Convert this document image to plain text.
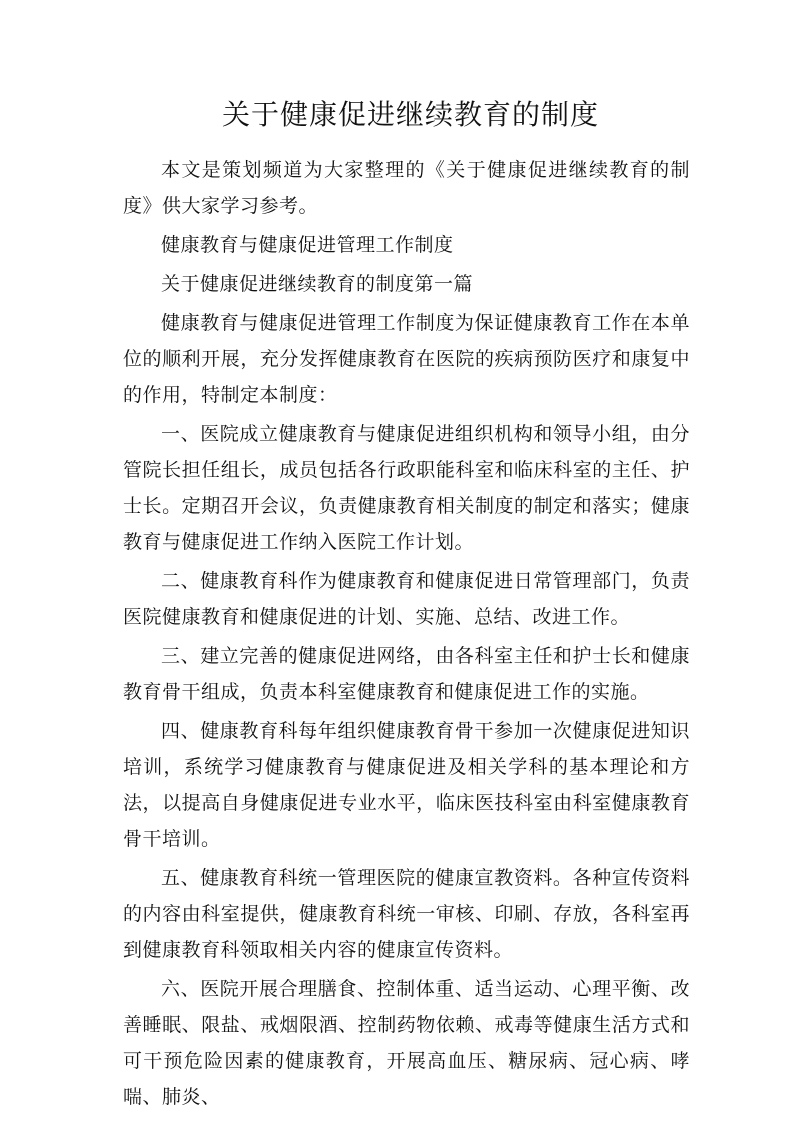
关于健康促进继续教育的制度

本文是策划频道为大家整理的《关于健康促进继续教育的制度》供大家学习参考。

健康教育与健康促进管理工作制度

关于健康促进继续教育的制度第一篇

健康教育与健康促进管理工作制度为保证健康教育工作在本单位的顺利开展，充分发挥健康教育在医院的疾病预防医疗和康复中的作用，特制定本制度：

一、医院成立健康教育与健康促进组织机构和领导小组，由分管院长担任组长，成员包括各行政职能科室和临床科室的主任、护士长。定期召开会议，负责健康教育相关制度的制定和落实；健康教育与健康促进工作纳入医院工作计划。

二、健康教育科作为健康教育和健康促进日常管理部门，负责医院健康教育和健康促进的计划、实施、总结、改进工作。

三、建立完善的健康促进网络，由各科室主任和护士长和健康教育骨干组成，负责本科室健康教育和健康促进工作的实施。

四、健康教育科每年组织健康教育骨干参加一次健康促进知识培训，系统学习健康教育与健康促进及相关学科的基本理论和方法，以提高自身健康促进专业水平，临床医技科室由科室健康教育骨干培训。

五、健康教育科统一管理医院的健康宣教资料。各种宣传资料的内容由科室提供，健康教育科统一审核、印刷、存放，各科室再到健康教育科领取相关内容的健康宣传资料。

六、医院开展合理膳食、控制体重、适当运动、心理平衡、改善睡眠、限盐、戒烟限酒、控制药物依赖、戒毒等健康生活方式和可干预危险因素的健康教育，开展高血压、糖尿病、冠心病、哮喘、肺炎、
